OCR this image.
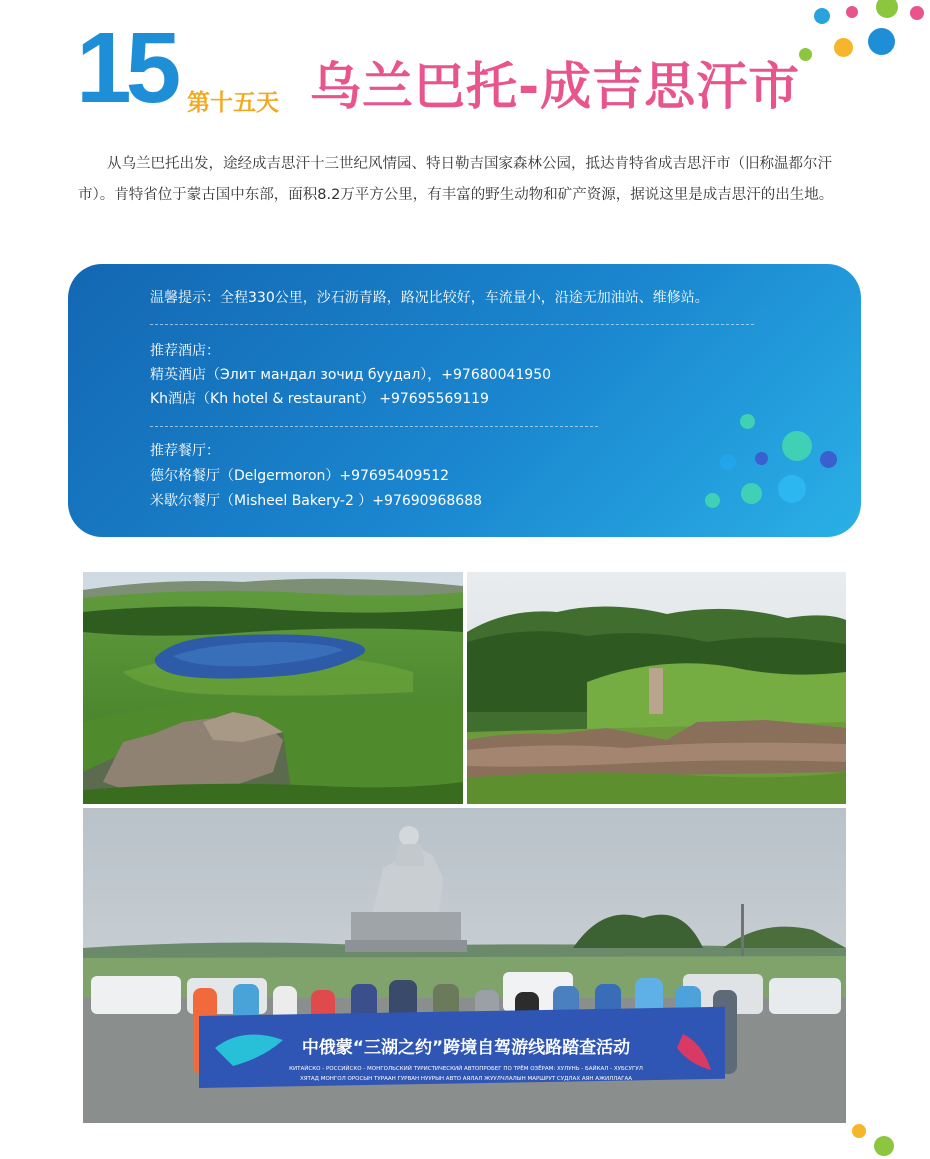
15 第十五天 乌兰巴托-成吉思汗市

从乌兰巴托出发，途经成吉思汗十三世纪风情园、特日勒吉国家森林公园，抵达肯特省成吉思汗市（旧称温都尔汗市）。肯特省位于蒙古国中东部，面积8.2万平方公里，有丰富的野生动物和矿产资源，据说这里是成吉思汗的出生地。

温馨提示：全程330公里，沙石沥青路，路况比较好，车流量小，沿途无加油站、维修站。
推荐酒店：
精英酒店（Элит мандал зочид буудал），+97680041950
Kh酒店（Kh hotel & restaurant） +97695569119
推荐餐厅：
德尔格餐厅（Delgermoron）+97695409512
米歇尔餐厅（Misheel Bakery-2 ）+97690968688
中俄蒙“三湖之约”跨境自驾游线路踏查活动
КИТАЙСКО - РОССИЙСКО - МОНГОЛЬСКИЙ ТУРИСТИЧЕСКИЙ АВТОПРОБЕГ ПО ТРЁМ ОЗЁРАМ: ХУЛУНЬ - БАЙКАЛ - ХУБСУГУЛ
ХЯТАД МОНГОЛ ОРОСЫН ТУРААН ГУРВАН НУУРЫН АВТО АЯЛАЛ ЖУУЛЧЛАЛЫН МАРШРУТ СУДЛАХ АЯН АЖИЛЛАГАА
